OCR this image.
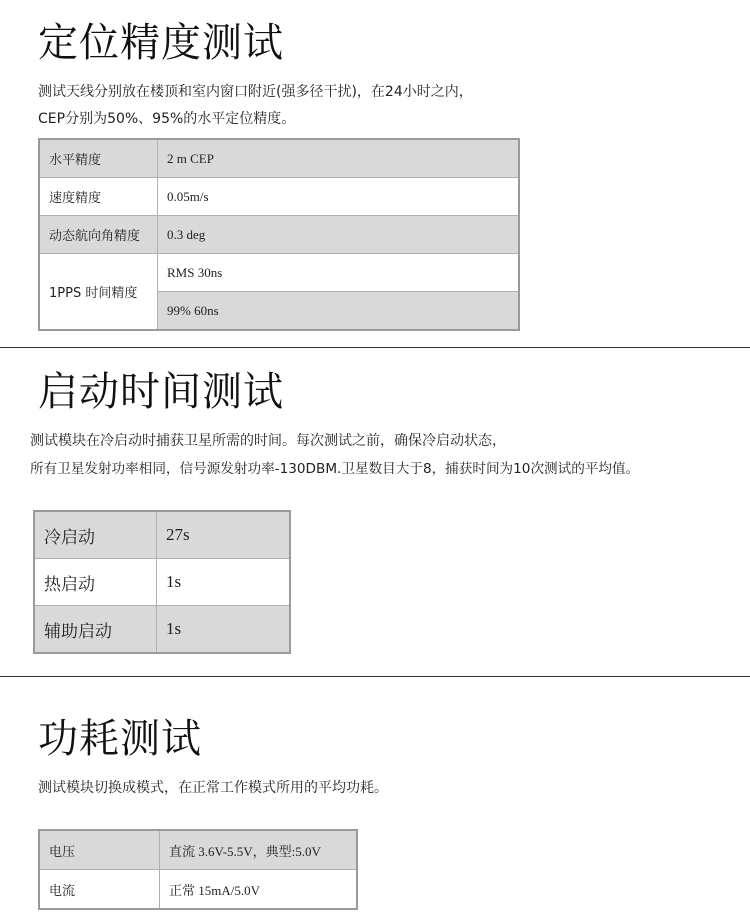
定位精度测试

测试天线分别放在楼顶和室内窗口附近(强多径干扰)，在24小时之内，

CEP分别为50%、95%的水平定位精度。

水平精度	2 m CEP
速度精度	0.05m/s
动态航向角精度	0.3 deg
1PPS 时间精度	RMS 30ns
	99% 60ns
启动时间测试

测试模块在冷启动时捕获卫星所需的时间。每次测试之前，确保冷启动状态，

所有卫星发射功率相同，信号源发射功率-130DBM.卫星数目大于8，捕获时间为10次测试的平均值。

冷启动	27s
热启动	1s
辅助启动	1s
功耗测试

测试模块切换成模式，在正常工作模式所用的平均功耗。

电压	直流 3.6V-5.5V，典型:5.0V
电流	正常 15mA/5.0V
